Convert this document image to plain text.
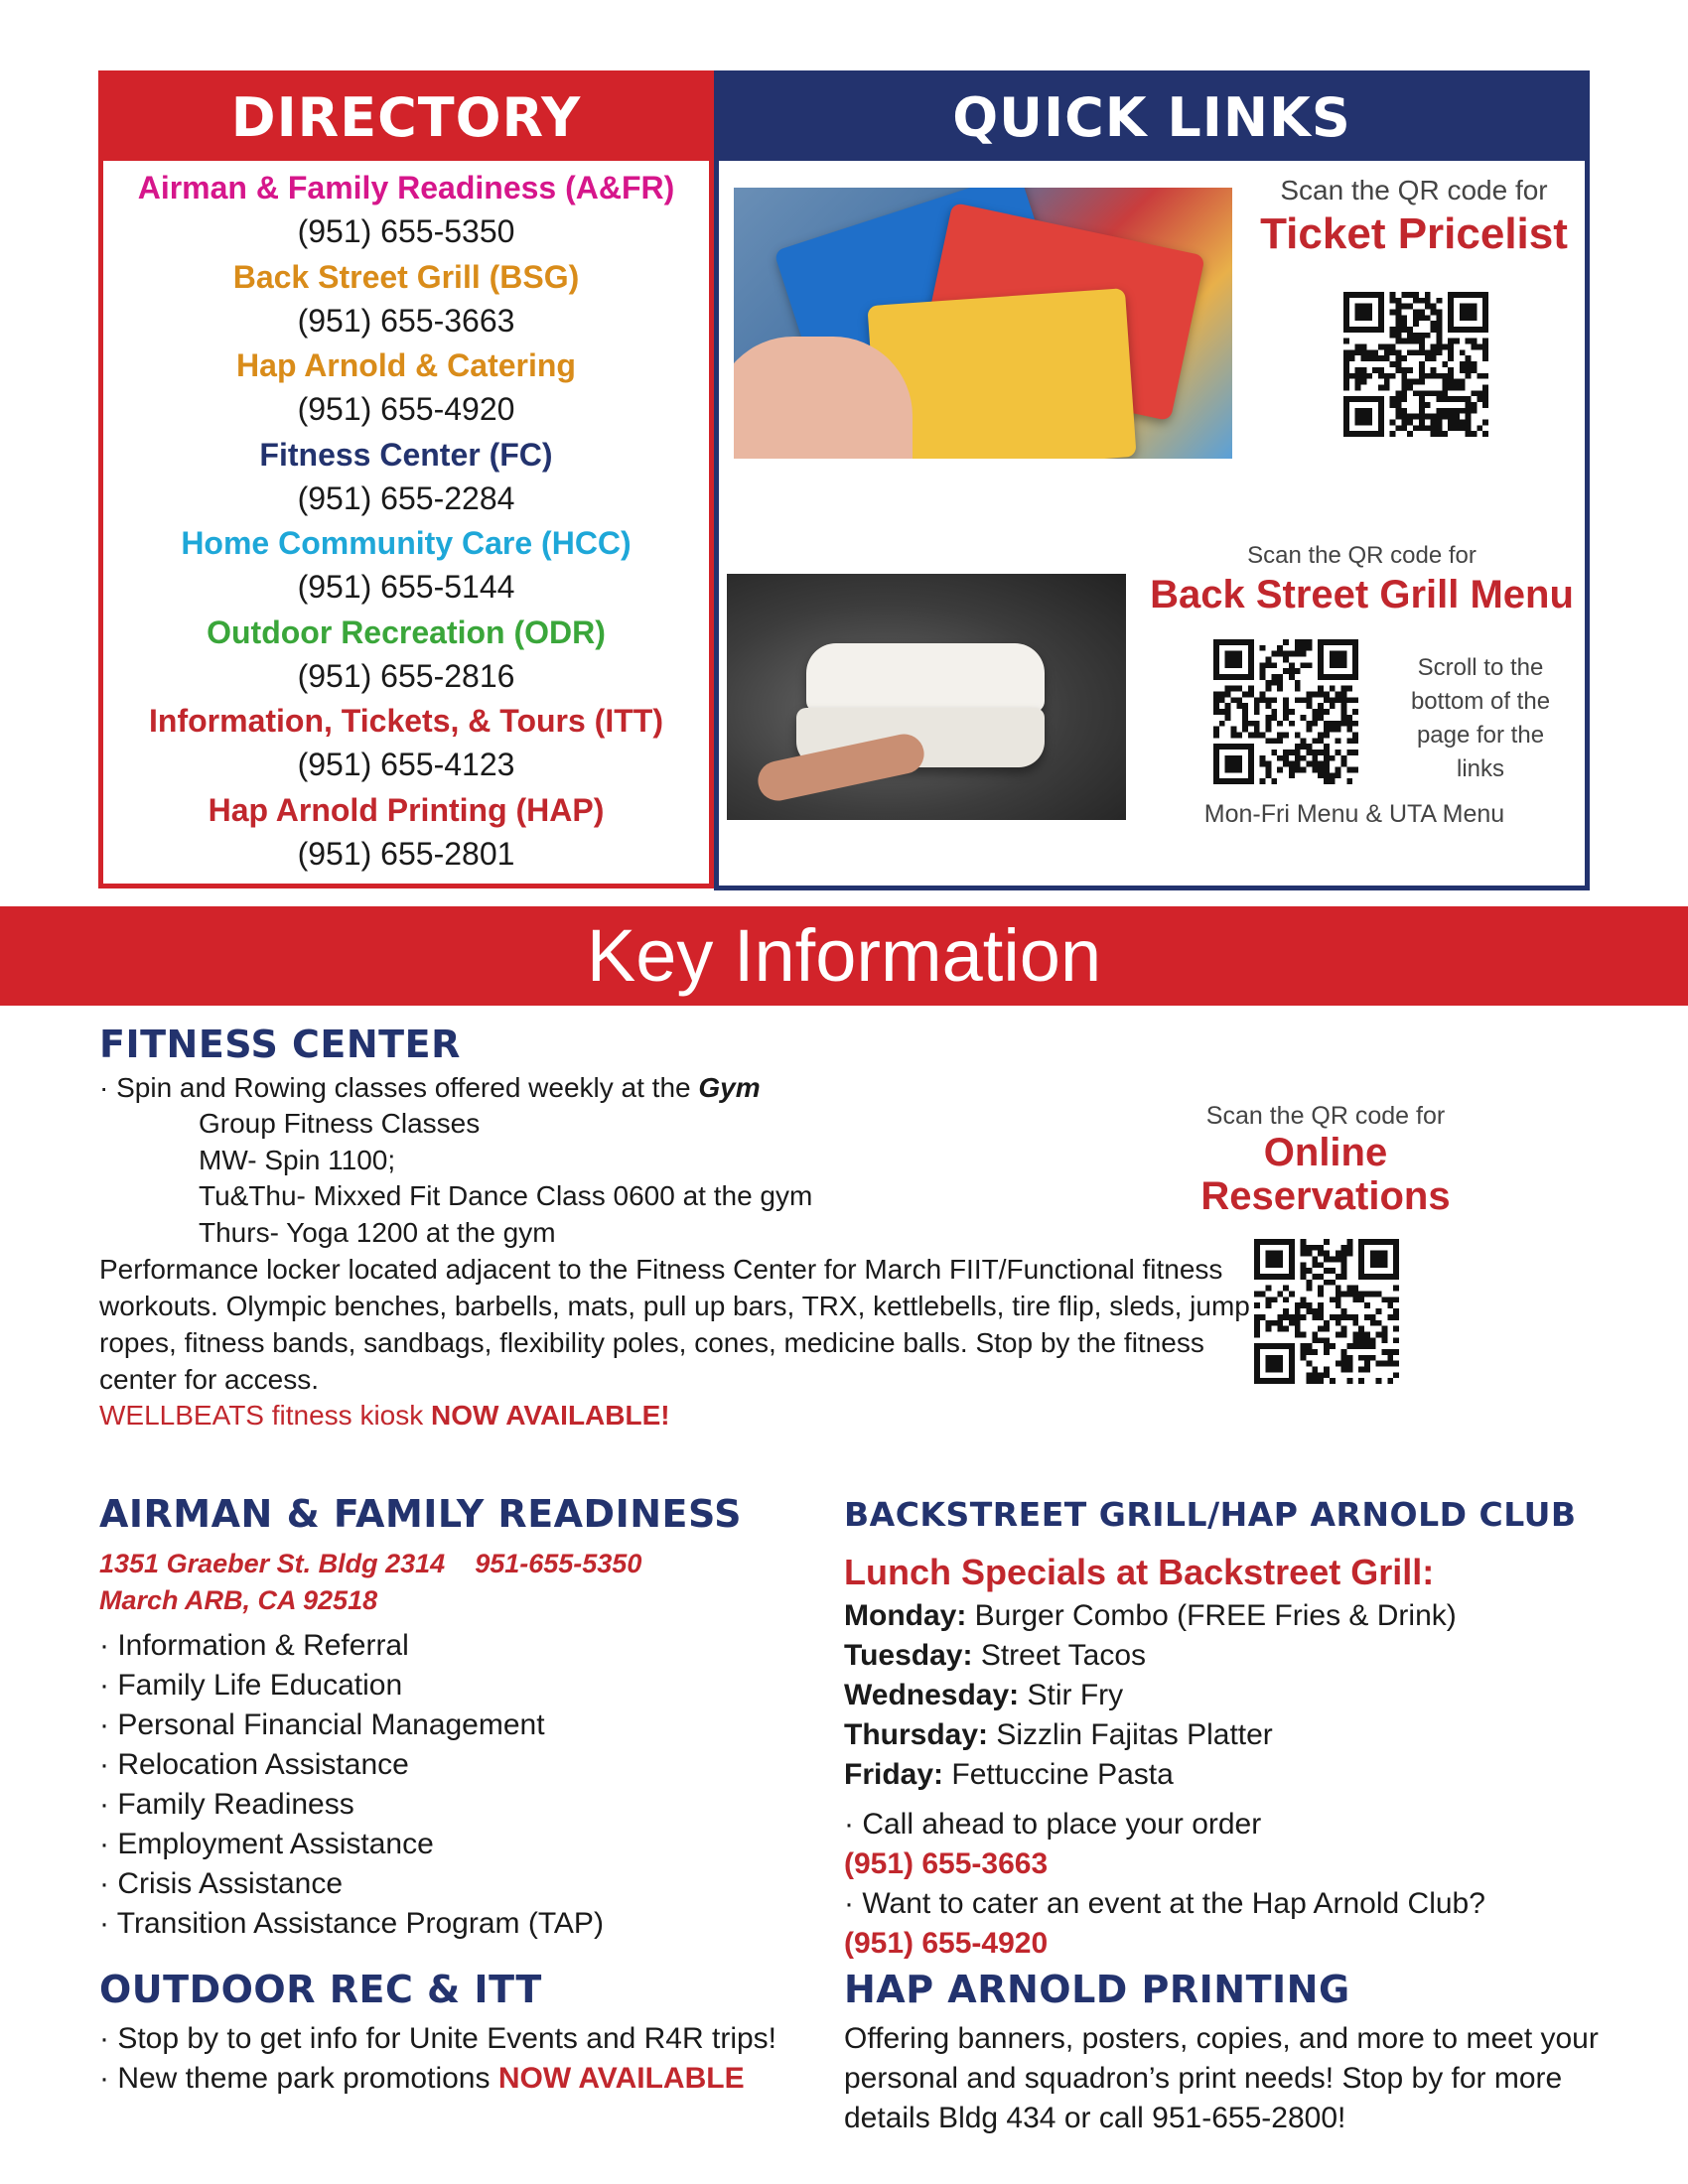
DIRECTORY
Airman & Family Readiness (A&FR)
(951) 655-5350
Back Street Grill (BSG)
(951) 655-3663
Hap Arnold & Catering
(951) 655-4920
Fitness Center (FC)
(951) 655-2284
Home Community Care (HCC)
(951) 655-5144
Outdoor Recreation (ODR)
(951) 655-2816
Information, Tickets, & Tours (ITT)
(951) 655-4123
Hap Arnold Printing (HAP)
(951) 655-2801
QUICK LINKS
Scan the QR code for
Ticket Pricelist
Scan the QR code for
Back Street Grill Menu
Scroll to the
bottom of the
page for the
links
Mon-Fri Menu & UTA Menu
Key Information
FITNESS CENTER
· Spin and Rowing classes offered weekly at the Gym
Group Fitness Classes
MW- Spin 1100;
Tu&Thu- Mixxed Fit Dance Class 0600 at the gym
Thurs- Yoga 1200 at the gym
Performance locker located adjacent to the Fitness Center for March FIIT/Functional fitness
workouts. Olympic benches, barbells, mats, pull up bars, TRX, kettlebells, tire flip, sleds, jump
ropes, fitness bands, sandbags, flexibility poles, cones, medicine balls. Stop by the fitness
center for access.
WELLBEATS fitness kiosk NOW AVAILABLE!
Scan the QR code for
Online
Reservations
AIRMAN & FAMILY READINESS
1351 Graeber St. Bldg 2314 951-655-5350
March ARB, CA 92518
· Information & Referral
· Family Life Education
· Personal Financial Management
· Relocation Assistance
· Family Readiness
· Employment Assistance
· Crisis Assistance
· Transition Assistance Program (TAP)
OUTDOOR REC & ITT
· Stop by to get info for Unite Events and R4R trips!
· New theme park promotions NOW AVAILABLE
BACKSTREET GRILL/HAP ARNOLD CLUB
Lunch Specials at Backstreet Grill:
Monday: Burger Combo (FREE Fries & Drink)
Tuesday: Street Tacos
Wednesday: Stir Fry
Thursday: Sizzlin Fajitas Platter
Friday: Fettuccine Pasta
· Call ahead to place your order
(951) 655-3663
· Want to cater an event at the Hap Arnold Club?
(951) 655-4920
HAP ARNOLD PRINTING
Offering banners, posters, copies, and more to meet your
personal and squadron’s print needs! Stop by for more
details Bldg 434 or call 951-655-2800!
